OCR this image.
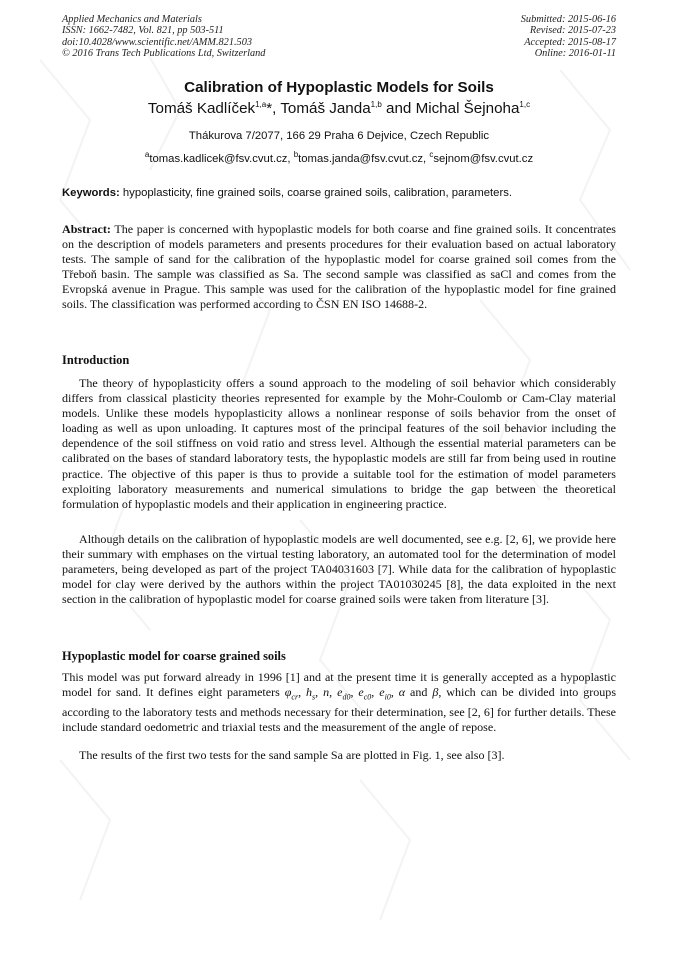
Applied Mechanics and Materials
ISSN: 1662-7482, Vol. 821, pp 503-511
doi:10.4028/www.scientific.net/AMM.821.503
© 2016 Trans Tech Publications Ltd, Switzerland
Submitted: 2015-06-16
Revised: 2015-07-23
Accepted: 2015-08-17
Online: 2016-01-11
Calibration of Hypoplastic Models for Soils
Tomáš Kadlíček$^{1,a}$*, Tomáš Janda$^{1,b}$ and Michal Šejnoha$^{1,c}$
Thákurova 7/2077, 166 29 Praha 6 Dejvice, Czech Republic
$^a$tomas.kadlicek@fsv.cvut.cz, $^b$tomas.janda@fsv.cvut.cz, $^c$sejnom@fsv.cvut.cz
Keywords: hypoplasticity, fine grained soils, coarse grained soils, calibration, parameters.
Abstract: The paper is concerned with hypoplastic models for both coarse and fine grained soils. It concentrates on the description of models parameters and presents procedures for their evaluation based on actual laboratory tests. The sample of sand for the calibration of the hypoplastic model for coarse grained soil comes from the Třeboň basin. The sample was classified as Sa. The second sample was classified as saCl and comes from the Evropská avenue in Prague. This sample was used for the calibration of the hypoplastic model for fine grained soils. The classification was performed according to ČSN EN ISO 14688-2.
Introduction
The theory of hypoplasticity offers a sound approach to the modeling of soil behavior which considerably differs from classical plasticity theories represented for example by the Mohr-Coulomb or Cam-Clay material models. Unlike these models hypoplasticity allows a nonlinear response of soils behavior from the onset of loading as well as upon unloading. It captures most of the principal features of the soil behavior including the dependence of the soil stiffness on void ratio and stress level. Although the essential material parameters can be calibrated on the bases of standard laboratory tests, the hypoplastic models are still far from being used in routine practice. The objective of this paper is thus to provide a suitable tool for the estimation of model parameters exploiting laboratory measurements and numerical simulations to bridge the gap between the theoretical formulation of hypoplastic models and their application in engineering practice.
Although details on the calibration of hypoplastic models are well documented, see e.g. [2, 6], we provide here their summary with emphases on the virtual testing laboratory, an automated tool for the determination of model parameters, being developed as part of the project TA04031603 [7]. While data for the calibration of hypoplastic model for clay were derived by the authors within the project TA01030245 [8], the data exploited in the next section in the calibration of hypoplastic model for coarse grained soils were taken from literature [3].
Hypoplastic model for coarse grained soils
This model was put forward already in 1996 [1] and at the present time it is generally accepted as a hypoplastic model for sand. It defines eight parameters $\varphi_{cr}$, $h_s$, n, $e_{d0}$, $e_{c0}$, $e_{i0}$, α and β, which can be divided into groups according to the laboratory tests and methods necessary for their determination, see [2, 6] for further details. These include standard oedometric and triaxial tests and the measurement of the angle of repose.
The results of the first two tests for the sand sample Sa are plotted in Fig. 1, see also [3].
